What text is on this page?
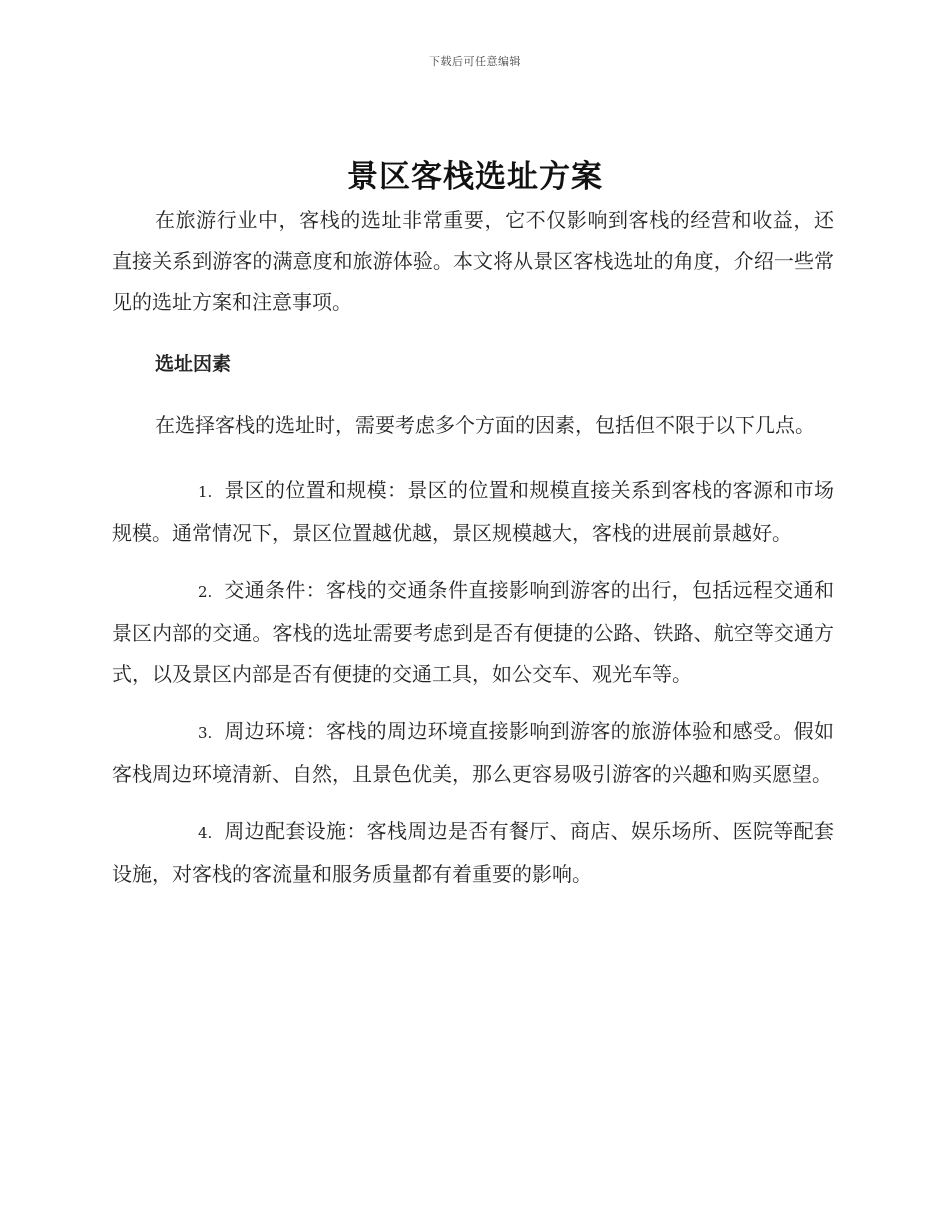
下载后可任意编辑
景区客栈选址方案

在旅游行业中，客栈的选址非常重要，它不仅影响到客栈的经营和收益，还直接关系到游客的满意度和旅游体验。本文将从景区客栈选址的角度，介绍一些常见的选址方案和注意事项。

选址因素

在选择客栈的选址时，需要考虑多个方面的因素，包括但不限于以下几点。

1. 景区的位置和规模：景区的位置和规模直接关系到客栈的客源和市场规模。通常情况下，景区位置越优越，景区规模越大，客栈的进展前景越好。

2. 交通条件：客栈的交通条件直接影响到游客的出行，包括远程交通和景区内部的交通。客栈的选址需要考虑到是否有便捷的公路、铁路、航空等交通方式，以及景区内部是否有便捷的交通工具，如公交车、观光车等。

3. 周边环境：客栈的周边环境直接影响到游客的旅游体验和感受。假如客栈周边环境清新、自然，且景色优美，那么更容易吸引游客的兴趣和购买愿望。

4. 周边配套设施：客栈周边是否有餐厅、商店、娱乐场所、医院等配套设施，对客栈的客流量和服务质量都有着重要的影响。
